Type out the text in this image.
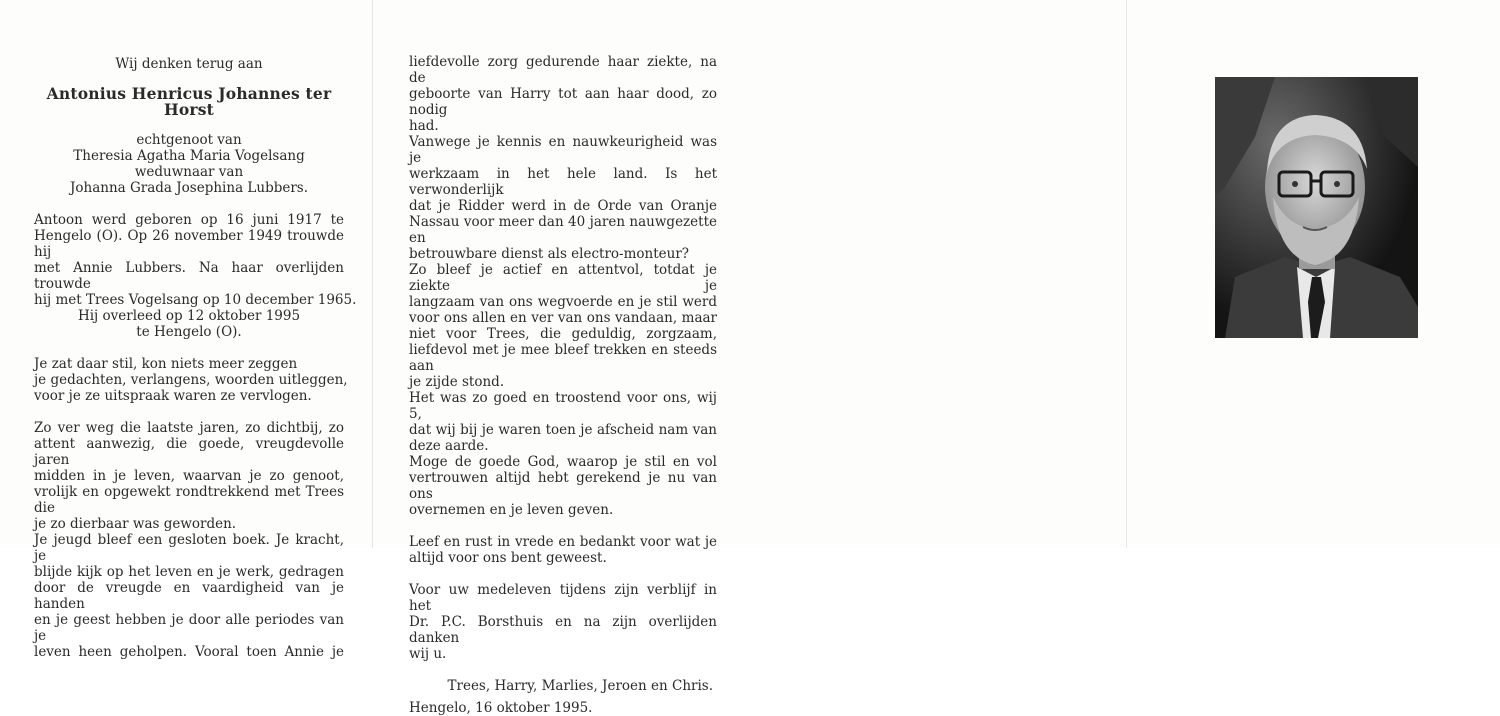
Wij denken terug aan
Antonius Henricus Johannes ter Horst
echtgenoot van
Theresia Agatha Maria Vogelsang
weduwnaar van
Johanna Grada Josephina Lubbers.
Antoon werd geboren op 16 juni 1917 te
Hengelo (O). Op 26 november 1949 trouwde hij
met Annie Lubbers. Na haar overlijden trouwde
hij met Trees Vogelsang op 10 december 1965.
Hij overleed op 12 oktober 1995
te Hengelo (O).
Je zat daar stil, kon niets meer zeggen
je gedachten, verlangens, woorden uitleggen,
voor je ze uitspraak waren ze vervlogen.
Zo ver weg die laatste jaren, zo dichtbij, zo
attent aanwezig, die goede, vreugdevolle jaren
midden in je leven, waarvan je zo genoot,
vrolijk en opgewekt rondtrekkend met Trees die
je zo dierbaar was geworden.
Je jeugd bleef een gesloten boek. Je kracht, je
blijde kijk op het leven en je werk, gedragen
door de vreugde en vaardigheid van je handen
en je geest hebben je door alle periodes van je
leven heen geholpen. Vooral toen Annie je
liefdevolle zorg gedurende haar ziekte, na de
geboorte van Harry tot aan haar dood, zo nodig
had.
Vanwege je kennis en nauwkeurigheid was je
werkzaam in het hele land. Is het verwonderlijk
dat je Ridder werd in de Orde van Oranje
Nassau voor meer dan 40 jaren nauwgezette en
betrouwbare dienst als electro-monteur?
Zo bleef je actief en attentvol, totdat je ziekte je
langzaam van ons wegvoerde en je stil werd
voor ons allen en ver van ons vandaan, maar
niet voor Trees, die geduldig, zorgzaam,
liefdevol met je mee bleef trekken en steeds aan
je zijde stond.
Het was zo goed en troostend voor ons, wij 5,
dat wij bij je waren toen je afscheid nam van
deze aarde.
Moge de goede God, waarop je stil en vol
vertrouwen altijd hebt gerekend je nu van ons
overnemen en je leven geven.
Leef en rust in vrede en bedankt voor wat je
altijd voor ons bent geweest.
Voor uw medeleven tijdens zijn verblijf in het
Dr. P.C. Borsthuis en na zijn overlijden danken
wij u.
Trees, Harry, Marlies, Jeroen en Chris.
Hengelo, 16 oktober 1995.
